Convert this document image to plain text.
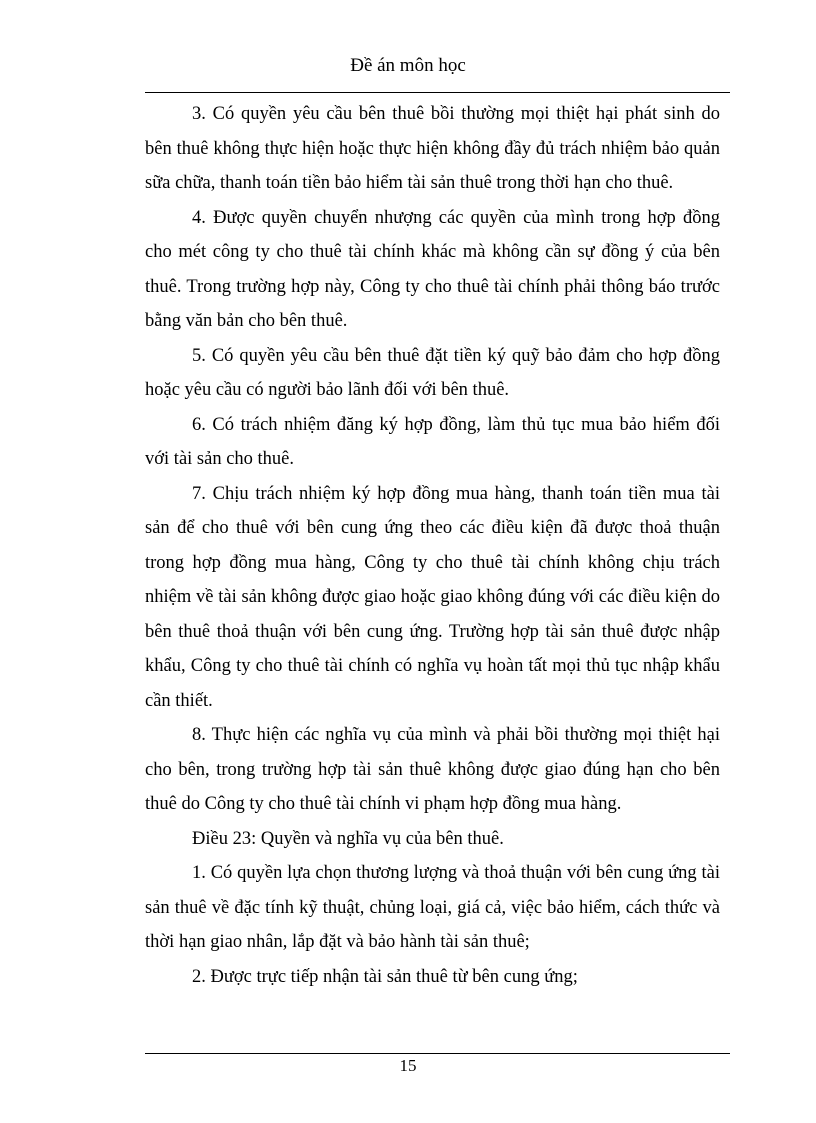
Đề án môn học

3. Có quyền yêu cầu bên thuê bồi thường mọi thiệt hại phát sinh do bên thuê không thực hiện hoặc thực hiện không đầy đủ trách nhiệm bảo quản sữa chữa, thanh toán tiền bảo hiểm tài sản thuê trong thời hạn cho thuê.

4. Được quyền chuyển nhượng các quyền của mình trong hợp đồng cho mét công ty cho thuê tài chính khác mà không cần sự đồng ý của bên thuê. Trong trường hợp này, Công ty cho thuê tài chính phải thông báo trước bằng văn bản cho bên thuê.

5. Có quyền yêu cầu bên thuê đặt tiền ký quỹ bảo đảm cho hợp đồng hoặc yêu cầu có người bảo lãnh đối với bên thuê.

6. Có trách nhiệm đăng ký hợp đồng, làm thủ tục mua bảo hiểm đối với tài sản cho thuê.

7. Chịu trách nhiệm ký hợp đồng mua hàng, thanh toán tiền mua tài sản để cho thuê với bên cung ứng theo các điều kiện đã được thoả thuận trong hợp đồng mua hàng, Công ty cho thuê tài chính không chịu trách nhiệm về tài sản không được giao hoặc giao không đúng với các điều kiện do bên thuê thoả thuận với bên cung ứng. Trường hợp tài sản thuê được nhập khẩu, Công ty cho thuê tài chính có nghĩa vụ hoàn tất mọi thủ tục nhập khẩu cần thiết.

8. Thực hiện các nghĩa vụ của mình và phải bồi thường mọi thiệt hại cho bên, trong trường hợp tài sản thuê không được giao đúng hạn cho bên thuê do Công ty cho thuê tài chính vi phạm hợp đồng mua hàng.

Điều 23: Quyền và nghĩa vụ của bên thuê.

1. Có quyền lựa chọn thương lượng và thoả thuận với bên cung ứng tài sản thuê về đặc tính kỹ thuật, chủng loại, giá cả, việc bảo hiểm, cách thức và thời hạn giao nhân, lắp đặt và bảo hành tài sản thuê;

2. Được trực tiếp nhận tài sản thuê từ bên cung ứng;

15
